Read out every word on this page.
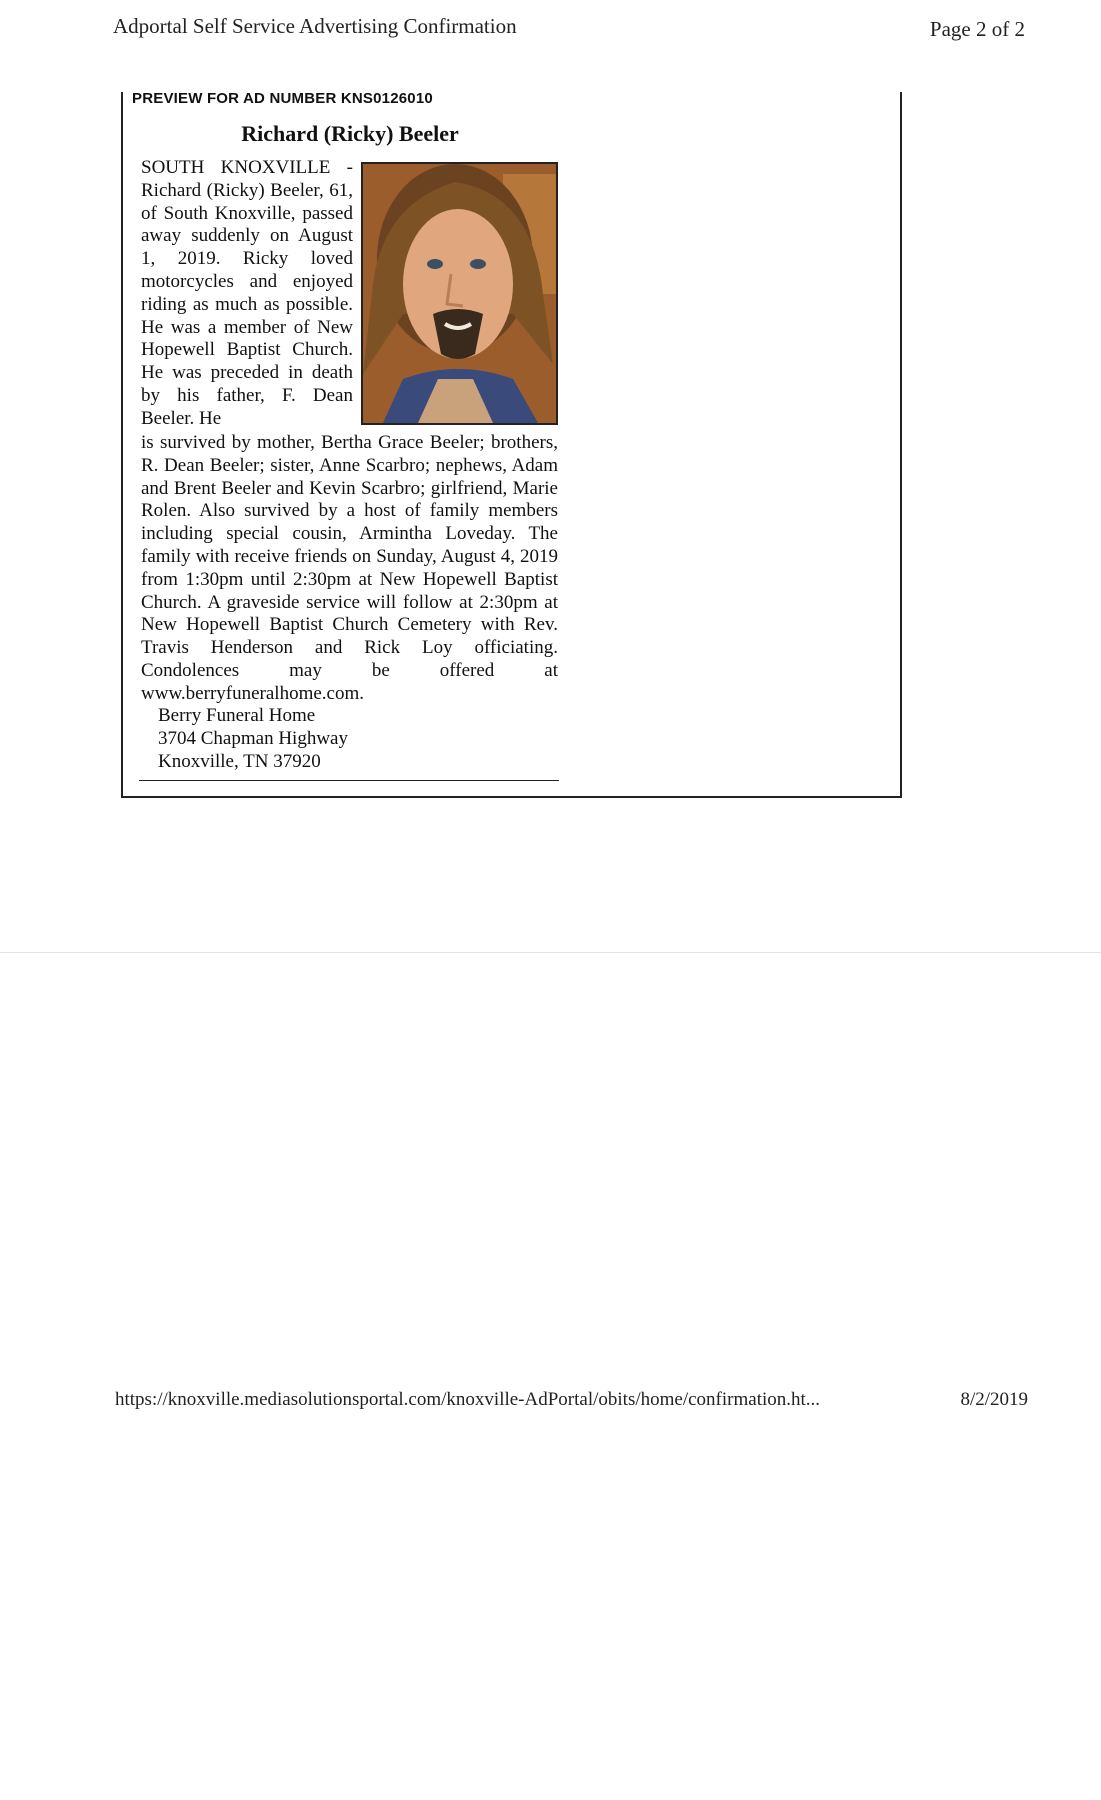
Adportal Self Service Advertising Confirmation	Page 2 of 2
PREVIEW FOR AD NUMBER KNS0126010
Richard (Ricky) Beeler

SOUTH KNOXVILLE - Richard (Ricky) Beeler, 61, of South Knoxville, passed away suddenly on August 1, 2019. Ricky loved motorcycles and enjoyed riding as much as possible. He was a member of New Hopewell Baptist Church. He was preceded in death by his father, F. Dean Beeler. He

is survived by mother, Bertha Grace Beeler; brothers, R. Dean Beeler; sister, Anne Scarbro; nephews, Adam and Brent Beeler and Kevin Scarbro; girlfriend, Marie Rolen. Also survived by a host of family members including special cousin, Armintha Loveday. The family with receive friends on Sunday, August 4, 2019 from 1:30pm until 2:30pm at New Hopewell Baptist Church. A graveside service will follow at 2:30pm at New Hopewell Baptist Church Cemetery with Rev. Travis Henderson and Rick Loy officiating. Condolences may be offered at www.berryfuneralhome.com.

Berry Funeral Home
3704 Chapman Highway
Knoxville, TN 37920
https://knoxville.mediasolutionsportal.com/knoxville-AdPortal/obits/home/confirmation.ht...	8/2/2019
